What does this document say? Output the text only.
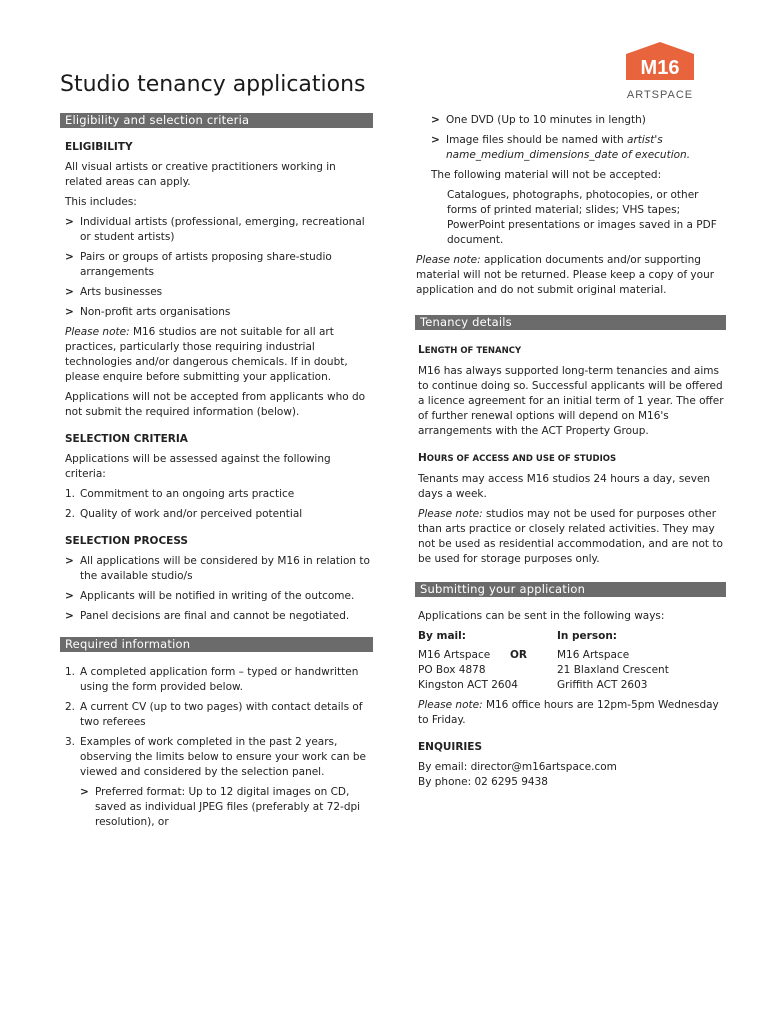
M16
ARTSPACE
Studio tenancy applications
Eligibility and selection criteria

ELIGIBILITY

All visual artists or creative practitioners working in related areas can apply.

This includes:

> Individual artists (professional, emerging, recreational or student artists)

> Pairs or groups of artists proposing share-studio arrangements

> Arts businesses

> Non-profit arts organisations

Please note: M16 studios are not suitable for all art practices, particularly those requiring industrial technologies and/or dangerous chemicals. If in doubt, please enquire before submitting your application.

Applications will not be accepted from applicants who do not submit the required information (below).

SELECTION CRITERIA

Applications will be assessed against the following criteria:

1. Commitment to an ongoing arts practice

2. Quality of work and/or perceived potential

SELECTION PROCESS

> All applications will be considered by M16 in relation to the available studio/s

> Applicants will be notified in writing of the outcome.

> Panel decisions are final and cannot be negotiated.

Required information

1. A completed application form – typed or handwritten using the form provided below.

2. A current CV (up to two pages) with contact details of two referees

3. Examples of work completed in the past 2 years, observing the limits below to ensure your work can be viewed and considered by the selection panel.

> Preferred format: Up to 12 digital images on CD, saved as individual JPEG files (preferably at 72-dpi resolution), or

> One DVD (Up to 10 minutes in length)

> Image files should be named with artist's name_medium_dimensions_date of execution.

The following material will not be accepted:

Catalogues, photographs, photocopies, or other forms of printed material; slides; VHS tapes; PowerPoint presentations or images saved in a PDF document.

Please note: application documents and/or supporting material will not be returned. Please keep a copy of your application and do not submit original material.

Tenancy details

LENGTH OF TENANCY

M16 has always supported long-term tenancies and aims to continue doing so. Successful applicants will be offered a licence agreement for an initial term of 1 year. The offer of further renewal options will depend on M16's arrangements with the ACT Property Group.

HOURS OF ACCESS AND USE OF STUDIOS

Tenants may access M16 studios 24 hours a day, seven days a week.

Please note: studios may not be used for purposes other than arts practice or closely related activities. They may not be used as residential accommodation, and are not to be used for storage purposes only.

Submitting your application

Applications can be sent in the following ways:

By mail:

M16 Artspace

PO Box 4878

Kingston ACT 2604

OR

In person:

M16 Artspace

21 Blaxland Crescent

Griffith ACT 2603

Please note: M16 office hours are 12pm-5pm Wednesday to Friday.

ENQUIRIES

By email: director@m16artspace.com

By phone: 02 6295 9438
